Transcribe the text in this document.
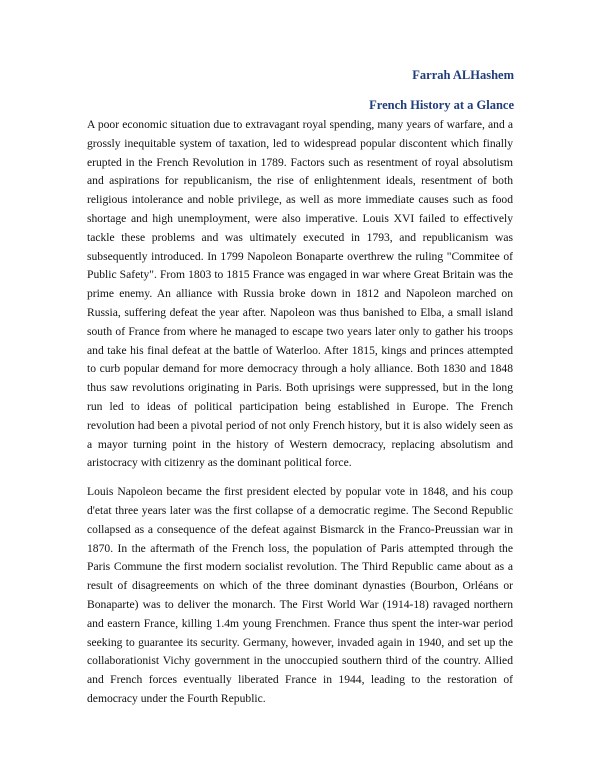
Farrah ALHashem
French History at a Glance

A poor economic situation due to extravagant royal spending, many years of warfare, and a grossly inequitable system of taxation, led to widespread popular discontent which finally erupted in the French Revolution in 1789. Factors such as resentment of royal absolutism and aspirations for republicanism, the rise of enlightenment ideals, resentment of both religious intolerance and noble privilege, as well as more immediate causes such as food shortage and high unemployment, were also imperative. Louis XVI failed to effectively tackle these problems and was ultimately executed in 1793, and republicanism was subsequently introduced. In 1799 Napoleon Bonaparte overthrew the ruling "Commitee of Public Safety". From 1803 to 1815 France was engaged in war where Great Britain was the prime enemy. An alliance with Russia broke down in 1812 and Napoleon marched on Russia, suffering defeat the year after. Napoleon was thus banished to Elba, a small island south of France from where he managed to escape two years later only to gather his troops and take his final defeat at the battle of Waterloo. After 1815, kings and princes attempted to curb popular demand for more democracy through a holy alliance. Both 1830 and 1848 thus saw revolutions originating in Paris. Both uprisings were suppressed, but in the long run led to ideas of political participation being established in Europe. The French revolution had been a pivotal period of not only French history, but it is also widely seen as a mayor turning point in the history of Western democracy, replacing absolutism and aristocracy with citizenry as the dominant political force.

Louis Napoleon became the first president elected by popular vote in 1848, and his coup d'etat three years later was the first collapse of a democratic regime. The Second Republic collapsed as a consequence of the defeat against Bismarck in the Franco-Preussian war in 1870. In the aftermath of the French loss, the population of Paris attempted through the Paris Commune the first modern socialist revolution. The Third Republic came about as a result of disagreements on which of the three dominant dynasties (Bourbon, Orléans or Bonaparte) was to deliver the monarch. The First World War (1914-18) ravaged northern and eastern France, killing 1.4m young Frenchmen. France thus spent the inter-war period seeking to guarantee its security. Germany, however, invaded again in 1940, and set up the collaborationist Vichy government in the unoccupied southern third of the country. Allied and French forces eventually liberated France in 1944, leading to the restoration of democracy under the Fourth Republic.
